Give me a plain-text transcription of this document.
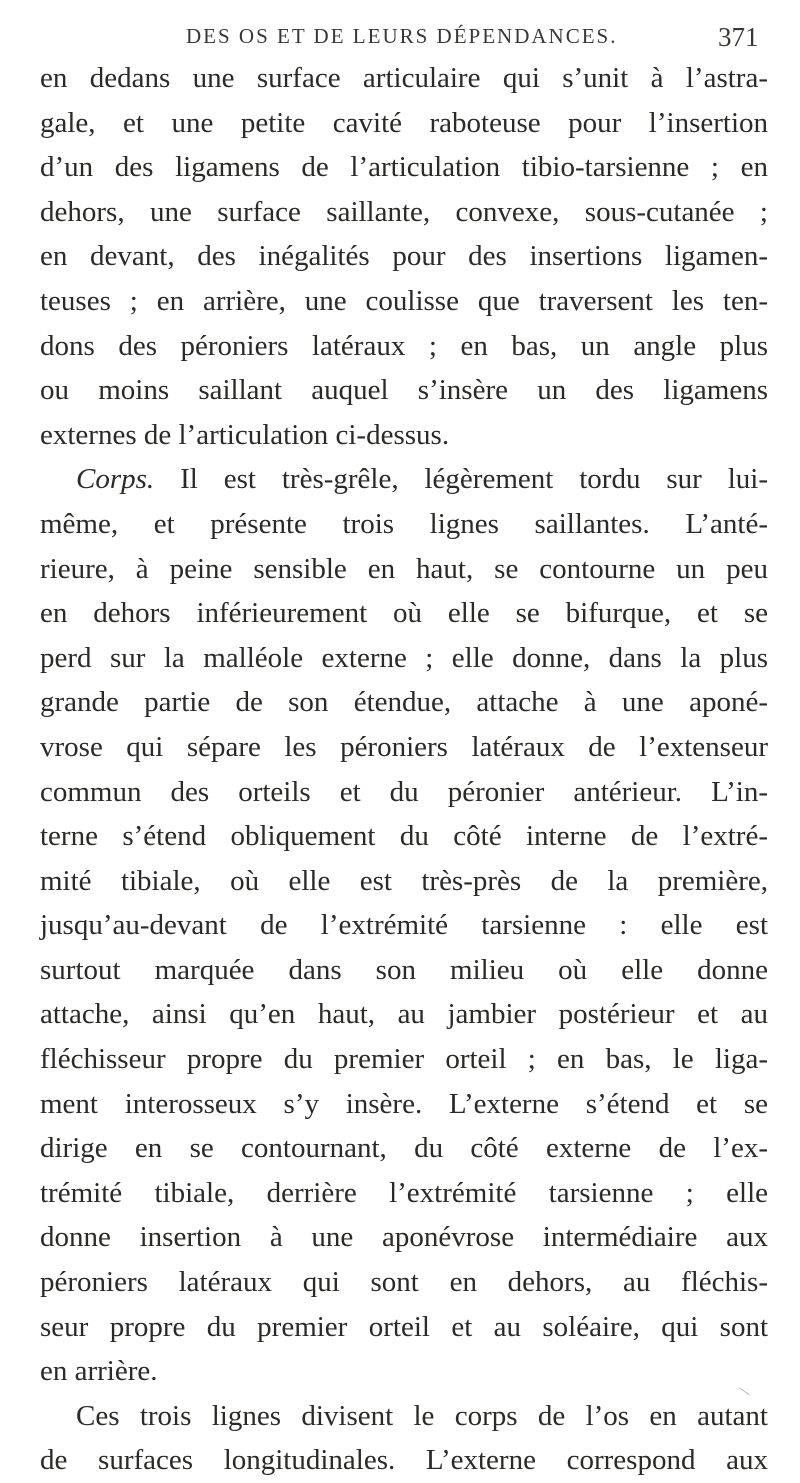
DES OS ET DE LEURS DÉPENDANCES.	371
en dedans une surface articulaire qui s’unit à l’astra-
gale, et une petite cavité raboteuse pour l’insertion
d’un des ligamens de l’articulation tibio-tarsienne ; en
dehors, une surface saillante, convexe, sous-cutanée ;
en devant, des inégalités pour des insertions ligamen-
teuses ; en arrière, une coulisse que traversent les ten-
dons des péroniers latéraux ; en bas, un angle plus
ou moins saillant auquel s’insère un des ligamens
externes de l’articulation ci-dessus.
Corps. Il est très-grêle, légèrement tordu sur lui-
même, et présente trois lignes saillantes. L’anté-
rieure, à peine sensible en haut, se contourne un peu
en dehors inférieurement où elle se bifurque, et se
perd sur la malléole externe ; elle donne, dans la plus
grande partie de son étendue, attache à une aponé-
vrose qui sépare les péroniers latéraux de l’extenseur
commun des orteils et du péronier antérieur. L’in-
terne s’étend obliquement du côté interne de l’extré-
mité tibiale, où elle est très-près de la première,
jusqu’au-devant de l’extrémité tarsienne : elle est
surtout marquée dans son milieu où elle donne
attache, ainsi qu’en haut, au jambier postérieur et au
fléchisseur propre du premier orteil ; en bas, le liga-
ment interosseux s’y insère. L’externe s’étend et se
dirige en se contournant, du côté externe de l’ex-
trémité tibiale, derrière l’extrémité tarsienne ; elle
donne insertion à une aponévrose intermédiaire aux
péroniers latéraux qui sont en dehors, au fléchis-
seur propre du premier orteil et au soléaire, qui sont
en arrière.
Ces trois lignes divisent le corps de l’os en autant
de surfaces longitudinales. L’externe correspond aux
